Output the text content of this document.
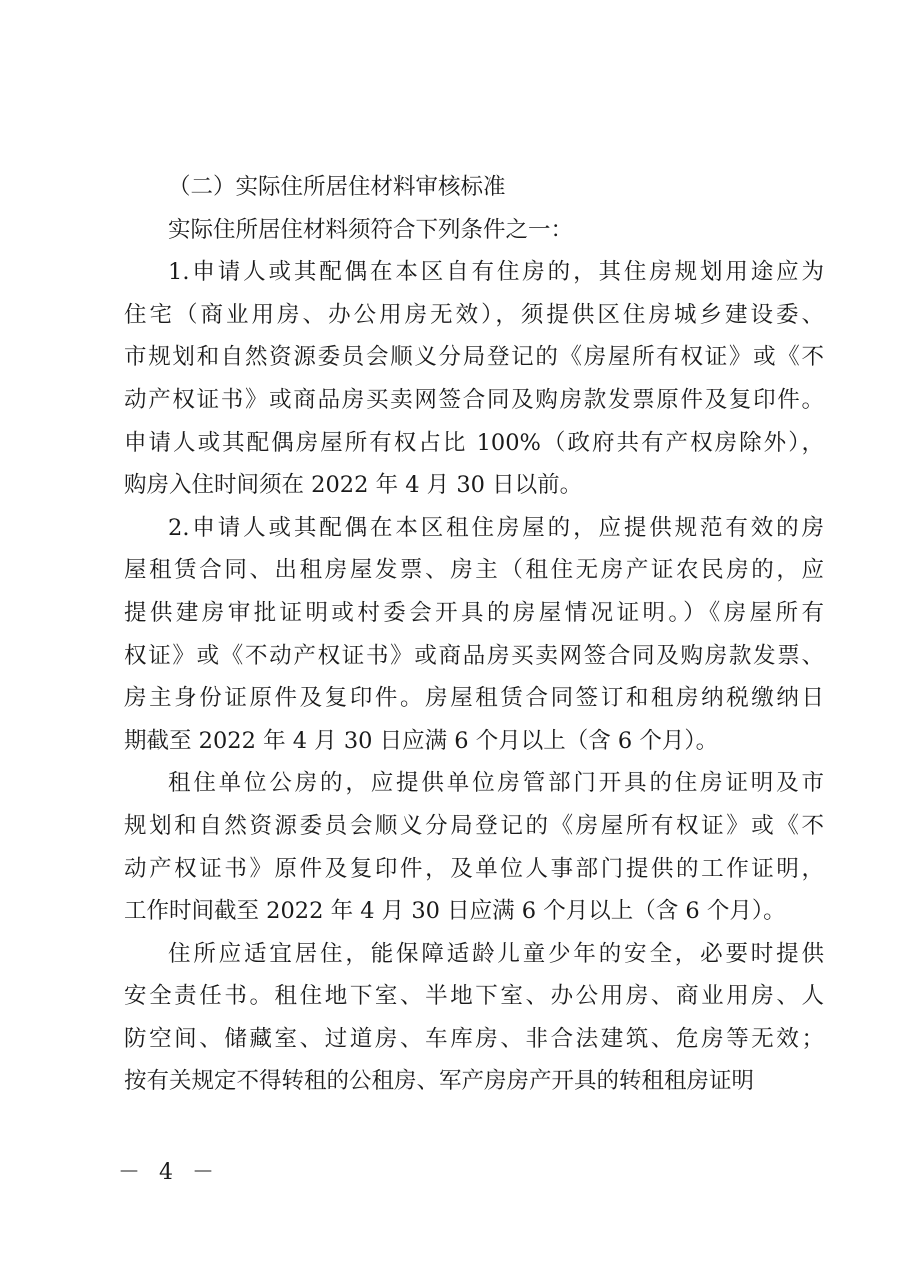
（二）实际住所居住材料审核标准
实际住所居住材料须符合下列条件之一：
1.申请人或其配偶在本区自有住房的，其住房规划用途应为
住宅（商业用房、办公用房无效），须提供区住房城乡建设委、
市规划和自然资源委员会顺义分局登记的《房屋所有权证》或《不
动产权证书》或商品房买卖网签合同及购房款发票原件及复印件。
申请人或其配偶房屋所有权占比 100%（政府共有产权房除外），
购房入住时间须在 2022 年 4 月 30 日以前。
2.申请人或其配偶在本区租住房屋的，应提供规范有效的房
屋租赁合同、出租房屋发票、房主（租住无房产证农民房的，应
提供建房审批证明或村委会开具的房屋情况证明。）《房屋所有
权证》或《不动产权证书》或商品房买卖网签合同及购房款发票、
房主身份证原件及复印件。房屋租赁合同签订和租房纳税缴纳日
期截至 2022 年 4 月 30 日应满 6 个月以上（含 6 个月）。
租住单位公房的，应提供单位房管部门开具的住房证明及市
规划和自然资源委员会顺义分局登记的《房屋所有权证》或《不
动产权证书》原件及复印件，及单位人事部门提供的工作证明，
工作时间截至 2022 年 4 月 30 日应满 6 个月以上（含 6 个月）。
住所应适宜居住，能保障适龄儿童少年的安全，必要时提供
安全责任书。租住地下室、半地下室、办公用房、商业用房、人
防空间、储藏室、过道房、车库房、非合法建筑、危房等无效；
按有关规定不得转租的公租房、军产房房产开具的转租租房证明
－ 4 －
